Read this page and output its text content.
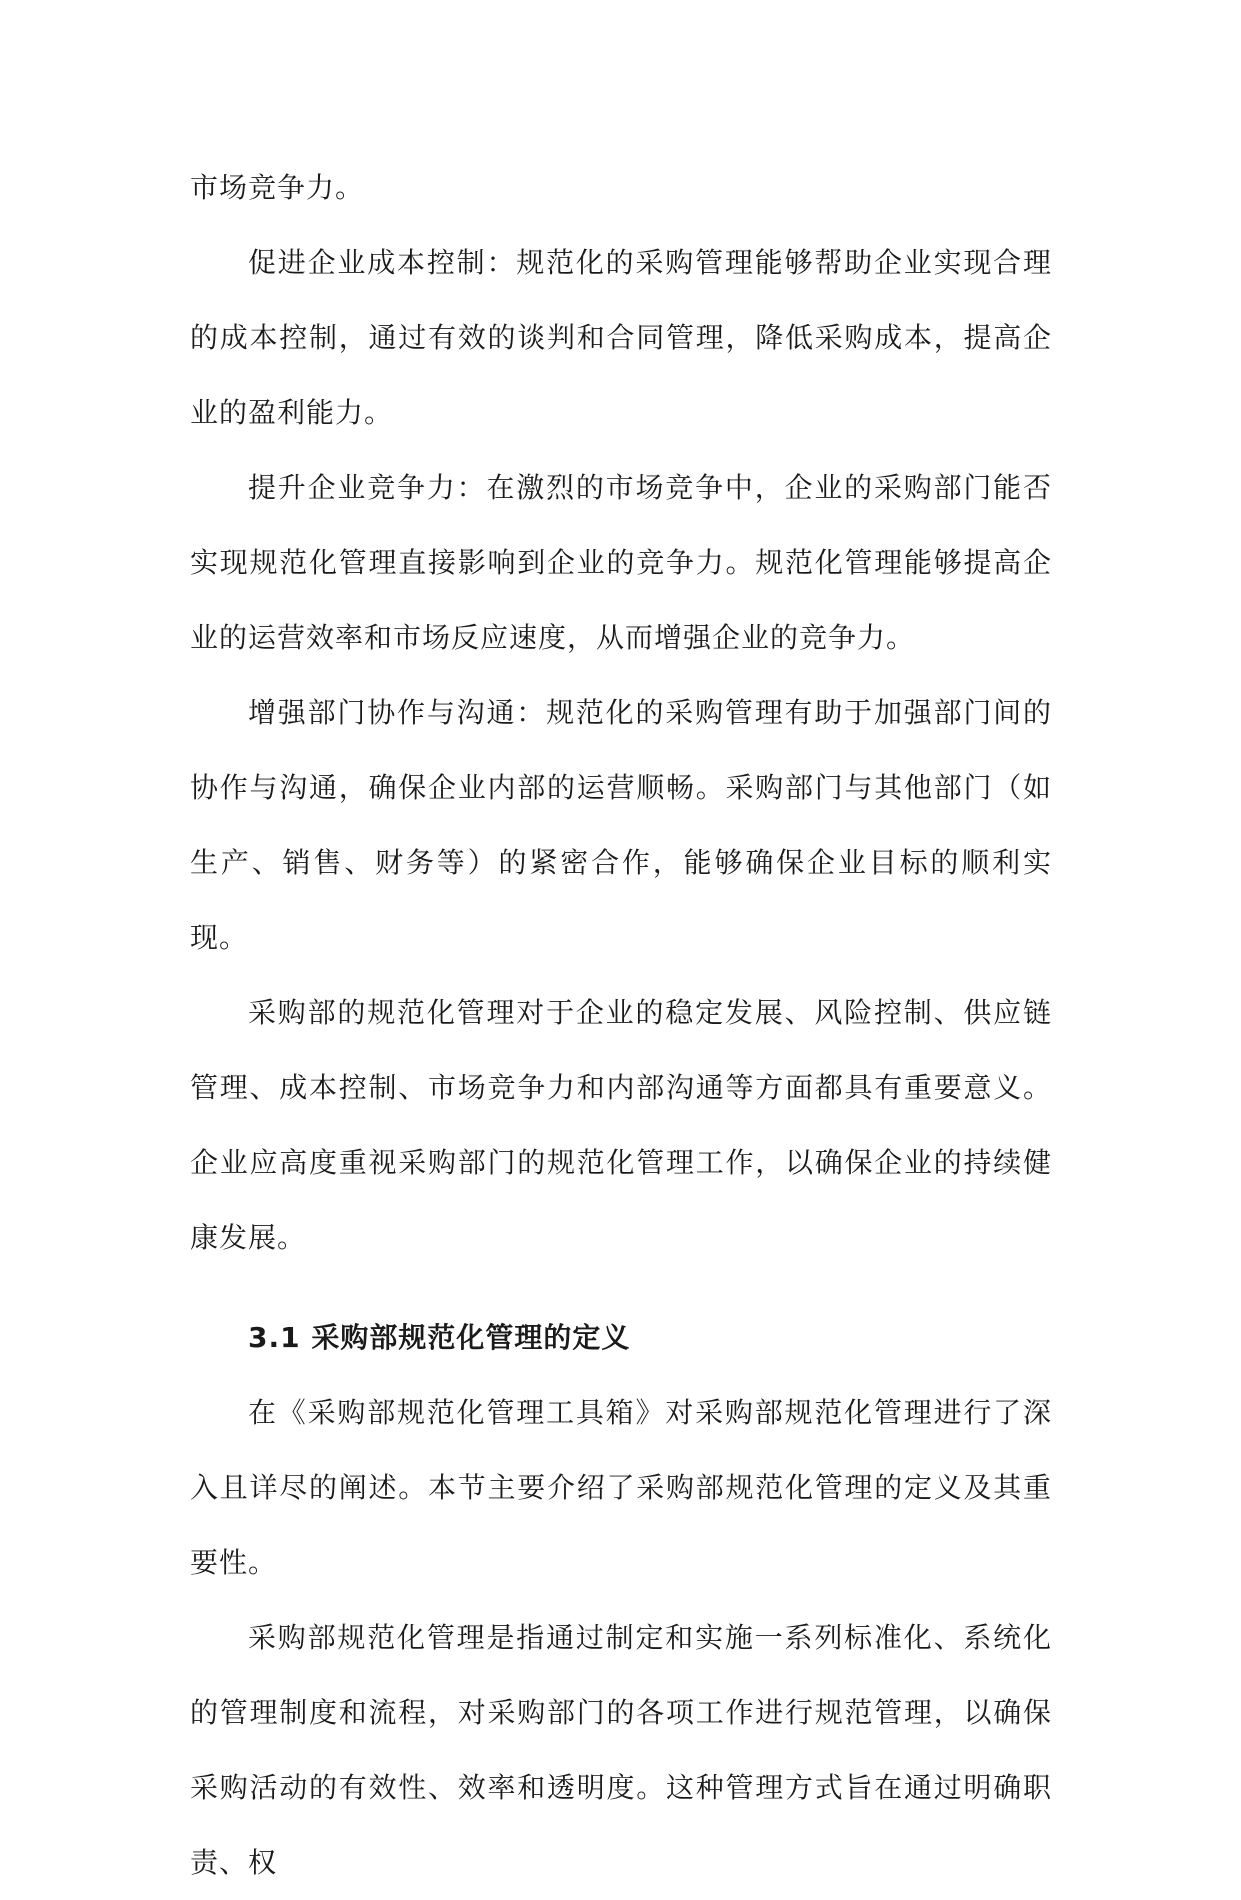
市场竞争力。

促进企业成本控制：规范化的采购管理能够帮助企业实现合理的成本控制，通过有效的谈判和合同管理，降低采购成本，提高企业的盈利能力。

提升企业竞争力：在激烈的市场竞争中，企业的采购部门能否实现规范化管理直接影响到企业的竞争力。规范化管理能够提高企业的运营效率和市场反应速度，从而增强企业的竞争力。

增强部门协作与沟通：规范化的采购管理有助于加强部门间的协作与沟通，确保企业内部的运营顺畅。采购部门与其他部门（如生产、销售、财务等）的紧密合作，能够确保企业目标的顺利实现。

采购部的规范化管理对于企业的稳定发展、风险控制、供应链管理、成本控制、市场竞争力和内部沟通等方面都具有重要意义。企业应高度重视采购部门的规范化管理工作，以确保企业的持续健康发展。

3.1 采购部规范化管理的定义

在《采购部规范化管理工具箱》对采购部规范化管理进行了深入且详尽的阐述。本节主要介绍了采购部规范化管理的定义及其重要性。

采购部规范化管理是指通过制定和实施一系列标准化、系统化的管理制度和流程，对采购部门的各项工作进行规范管理，以确保采购活动的有效性、效率和透明度。这种管理方式旨在通过明确职责、权
